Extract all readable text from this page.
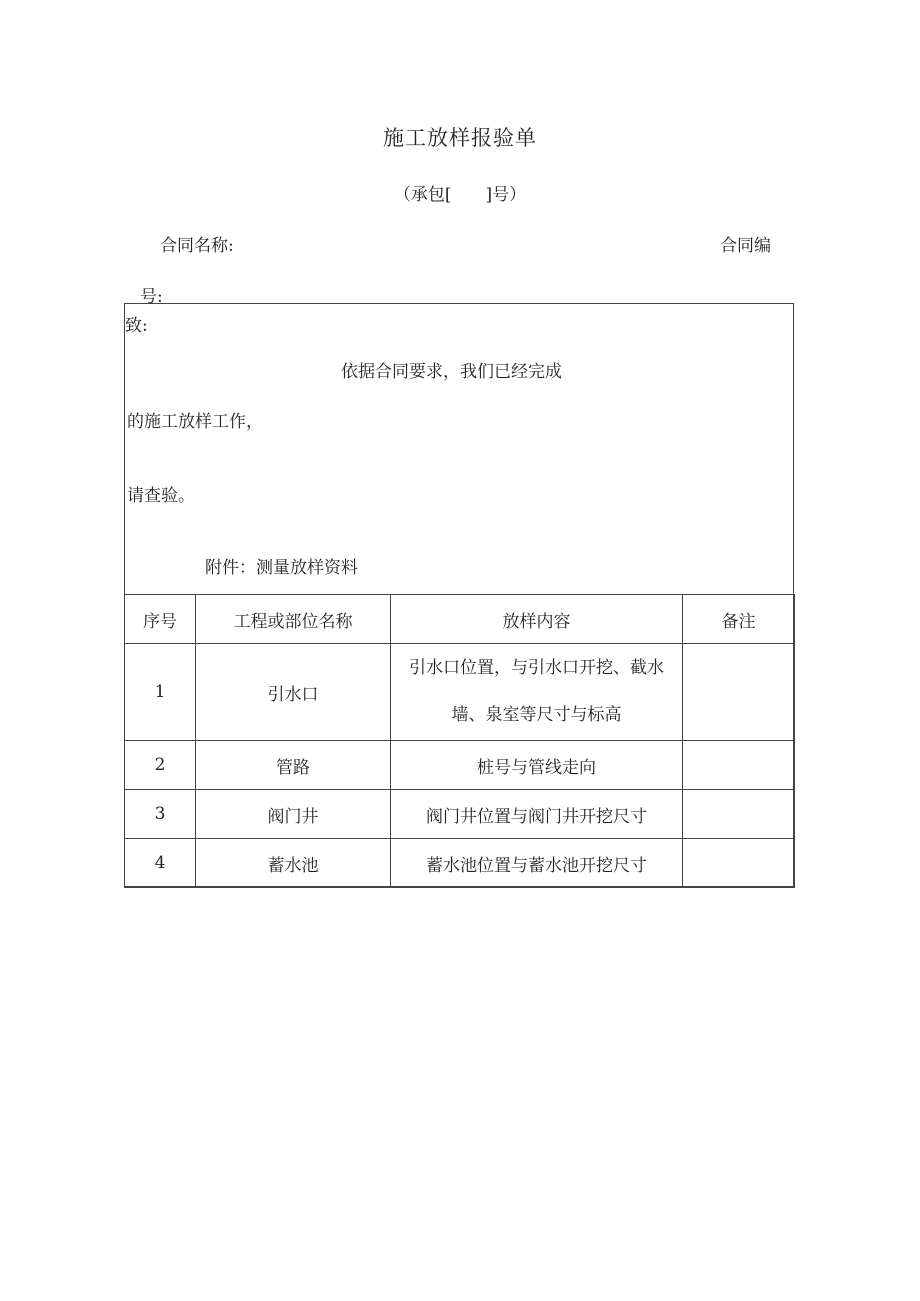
施工放样报验单
（承包[　　]号）
合同名称:	合同编
号:
致:
依据合同要求，我们已经完成
的施工放样工作，
请查验。
附件：测量放样资料
序号	工程或部位名称	放样内容	备注
1	引水口	引水口位置，与引水口开挖、截水
墙、泉室等尺寸与标高	

2	管路	桩号与管线走向	
3	阀门井	阀门井位置与阀门井开挖尺寸	
4	蓄水池	蓄水池位置与蓄水池开挖尺寸	
